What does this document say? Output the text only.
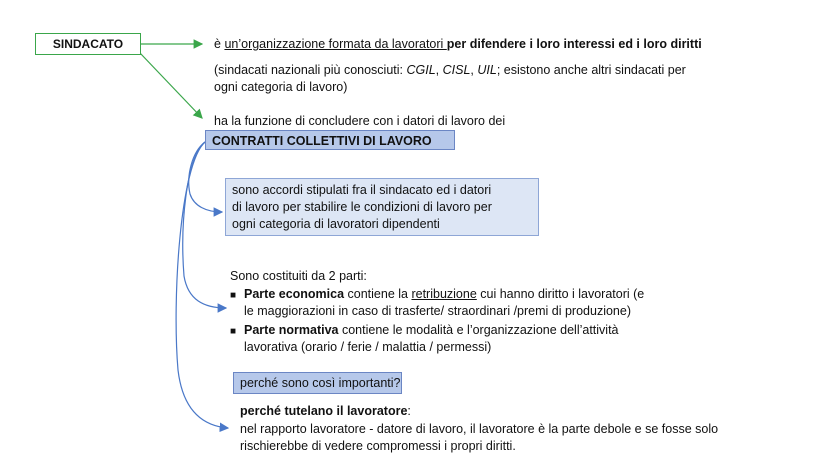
SINDACATO	è un’organizzazione formata da lavoratori per difendere i loro interessi ed i loro diritti
(sindacati nazionali più conosciuti: CGIL, CISL, UIL; esistono anche altri sindacati per
ogni categoria di lavoro)
ha la funzione di concludere con i datori di lavoro dei
CONTRATTI COLLETTIVI DI LAVORO
sono accordi stipulati fra il sindacato ed i datori
di lavoro per stabilire le condizioni di lavoro per
ogni categoria di lavoratori dipendenti
Sono costituiti da 2 parti:
■ Parte economica contiene la retribuzione cui hanno diritto i lavoratori (e
le maggiorazioni in caso di trasferte/ straordinari /premi di produzione)
■ Parte normativa contiene le modalità e l’organizzazione dell’attività
lavorativa (orario / ferie / malattia / permessi)
perché sono così importanti?
perché tutelano il lavoratore:
nel rapporto lavoratore - datore di lavoro, il lavoratore è la parte debole e se fosse solo
rischierebbe di vedere compromessi i propri diritti.
